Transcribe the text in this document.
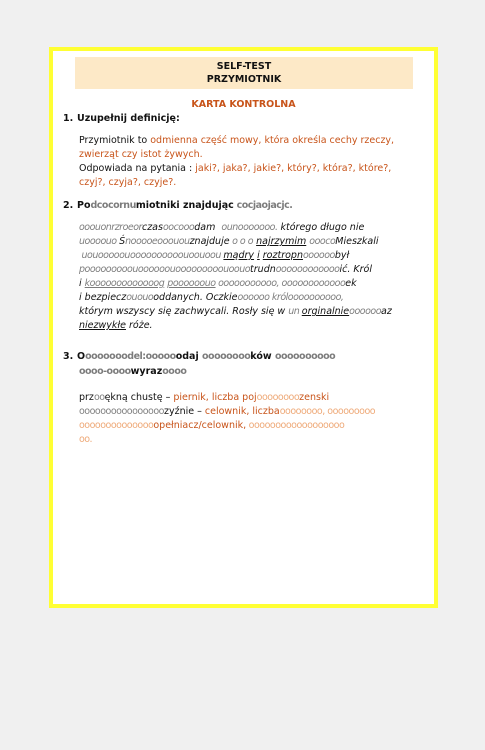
SELF-TEST
PRZYMIOTNIK
KARTA KONTROLNA
1. Uzupełnij definicję:
Przymiotnik to odmienna część mowy, która określa cechy rzeczy, zwierząt czy istot żywych.
Odpowiada na pytania : jaki?, jaka?, jakie?, który?, która?, które?, czyj?, czyja?, czyje?.
2. Podcocornumiotniki znajdując cocjaojacjc.
ooouonrzroeorczasoocooodam ounooooooo. którego długo nie
uoooouo Śnooooeooououznajduje o o o najrzymim ooocoMieszkali
uouooooouoooooooooouoouoou mądry i roztropnoooooobył
pooooooooouoooooouooooooooouoouotrudnooooooooooooić. Król
i kooooooooooooog poooooouo ooooooooooo, ooooooooooooek
i bezpieczououooddanych. Oczkieoooooo króloooooooooo,
którym wszyscy się zachwycali. Rosły się w un orginalnieooooooaz
niezwykłe róże.
3. Oooooooodel:oooooodaj ooooooooków oooooooooo
oooo-oooowyrazoooo
przooękną chustę – piernik, liczba pojoooooooozenski
oooooooooooooooozyźnie – celownik, liczbaoooooooo, ooooooooo
ooooooooooooooopełniacz/celownik, oooooooooooooooooo
oo.
